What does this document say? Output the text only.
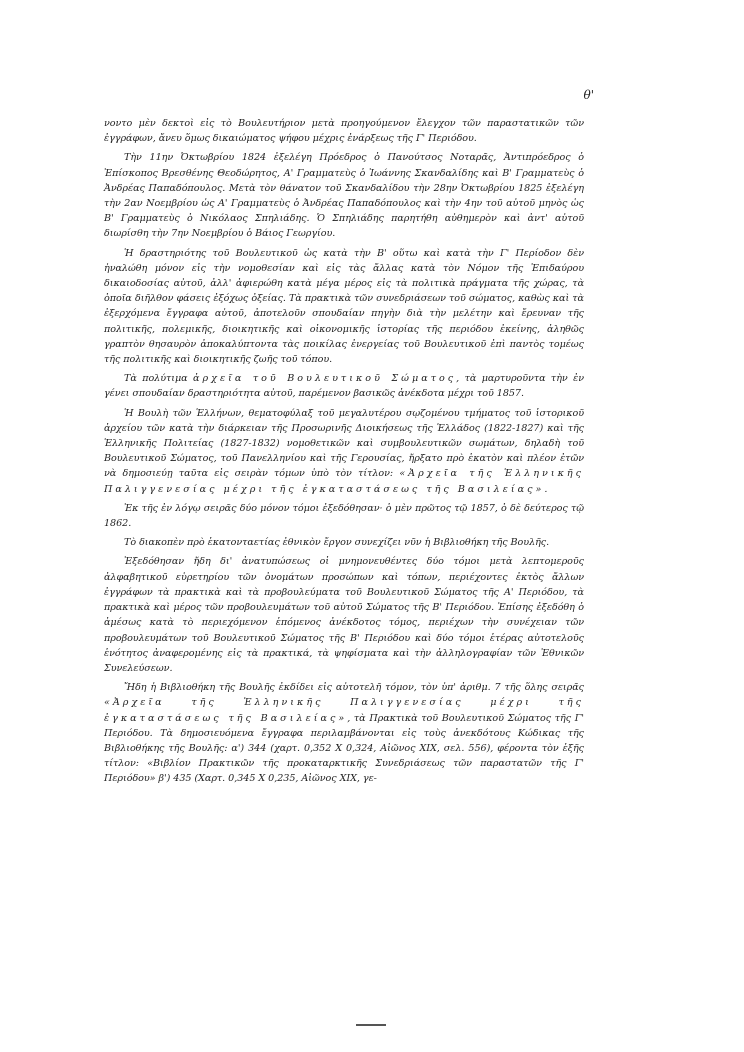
θ'

νοντο μὲν δεκτοὶ εἰς τὸ Βουλευτήριον μετὰ προηγούμενον ἔλεγχον τῶν παραστατικῶν τῶν ἐγγράφων, ἄνευ ὅμως δικαιώματος ψήφου μέχρις ἐνάρξεως τῆς Γ' Περιόδου.

Τὴν 11ην Ὀκτωβρίου 1824 ἐξελέγη Πρόεδρος ὁ Πανούτσος Νοταρᾶς, Ἀντιπρόεδρος ὁ Ἐπίσκοπος Βρεσθένης Θεοδώρητος, Α' Γραμματεὺς ὁ Ἰωάννης Σκανδαλίδης καὶ Β' Γραμματεὺς ὁ Ἀνδρέας Παπαδόπουλος. Μετὰ τὸν θάνατον τοῦ Σκανδαλίδου τὴν 28ην Ὀκτωβρίου 1825 ἐξελέγη τὴν 2αν Νοεμβρίου ὡς Α' Γραμματεὺς ὁ Ἀνδρέας Παπαδόπουλος καὶ τὴν 4ην τοῦ αὐτοῦ μηνὸς ὡς Β' Γραμματεὺς ὁ Νικόλαος Σπηλιάδης. Ὁ Σπηλιάδης παρητήθη αὐθημερὸν καὶ ἀντ' αὐτοῦ διωρίσθη τὴν 7ην Νοεμβρίου ὁ Βάιος Γεωργίου.

Ἡ δραστηριότης τοῦ Βουλευτικοῦ ὡς κατὰ τὴν Β' οὕτω καὶ κατὰ τὴν Γ' Περίοδον δὲν ἠναλώθη μόνον εἰς τὴν νομοθεσίαν καὶ εἰς τὰς ἄλλας κατὰ τὸν Νόμον τῆς Ἐπιδαύρου δικαιοδοσίας αὐτοῦ, ἀλλ' ἀφιερώθη κατὰ μέγα μέρος εἰς τὰ πολιτικὰ πράγματα τῆς χώρας, τὰ ὁποῖα διῆλθον φάσεις ἐξόχως ὀξείας. Τὰ πρακτικὰ τῶν συνεδριάσεων τοῦ σώματος, καθὼς καὶ τὰ ἐξερχόμενα ἔγγραφα αὐτοῦ, ἀποτελοῦν σπουδαίαν πηγὴν διὰ τὴν μελέτην καὶ ἔρευναν τῆς πολιτικῆς, πολεμικῆς, διοικητικῆς καὶ οἰκονομικῆς ἱστορίας τῆς περιόδου ἐκείνης, ἀληθῶς γραπτὸν θησαυρὸν ἀποκαλύπτοντα τὰς ποικίλας ἐνεργείας τοῦ Βουλευτικοῦ ἐπὶ παντὸς τομέως τῆς πολιτικῆς καὶ διοικητικῆς ζωῆς τοῦ τόπου.

Τὰ πολύτιμα ἀρχεῖα τοῦ Βουλευτικοῦ Σώματος, τὰ μαρτυροῦντα τὴν ἐν γένει σπουδαίαν δραστηριότητα αὐτοῦ, παρέμενον βασικῶς ἀνέκδοτα μέχρι τοῦ 1857.

Ἡ Βουλὴ τῶν Ἑλλήνων, θεματοφύλαξ τοῦ μεγαλυτέρου σῳζομένου τμήματος τοῦ ἱστορικοῦ ἀρχείου τῶν κατὰ τὴν διάρκειαν τῆς Προσωρινῆς Διοικήσεως τῆς Ἑλλάδος (1822-1827) καὶ τῆς Ἑλληνικῆς Πολιτείας (1827-1832) νομοθετικῶν καὶ συμβουλευτικῶν σωμάτων, δηλαδὴ τοῦ Βουλευτικοῦ Σώματος, τοῦ Πανελληνίου καὶ τῆς Γερουσίας, ἤρξατο πρὸ ἑκατὸν καὶ πλέον ἐτῶν νὰ δημοσιεύῃ ταῦτα εἰς σειρὰν τόμων ὑπὸ τὸν τίτλον: «Ἀρχεῖα τῆς Ἑλληνικῆς Παλιγγενεσίας μέχρι τῆς ἐγκαταστάσεως τῆς Βασιλείας».

Ἐκ τῆς ἐν λόγῳ σειρᾶς δύο μόνον τόμοι ἐξεδόθησαν· ὁ μὲν πρῶτος τῷ 1857, ὁ δὲ δεύτερος τῷ 1862.

Τὸ διακοπὲν πρὸ ἑκατονταετίας ἐθνικὸν ἔργον συνεχίζει νῦν ἡ Βιβλιοθήκη τῆς Βουλῆς.

Ἐξεδόθησαν ἤδη δι' ἀνατυπώσεως οἱ μνημονευθέντες δύο τόμοι μετὰ λεπτομεροῦς ἀλφαβητικοῦ εὑρετηρίου τῶν ὀνομάτων προσώπων καὶ τόπων, περιέχοντες ἐκτὸς ἄλλων ἐγγράφων τὰ πρακτικὰ καὶ τὰ προβουλεύματα τοῦ Βουλευτικοῦ Σώματος τῆς Α' Περιόδου, τὰ πρακτικὰ καὶ μέρος τῶν προβουλευμάτων τοῦ αὐτοῦ Σώματος τῆς Β' Περιόδου. Ἐπίσης ἐξεδόθη ὁ ἀμέσως κατὰ τὸ περιεχόμενον ἑπόμενος ἀνέκδοτος τόμος, περιέχων τὴν συνέχειαν τῶν προβουλευμάτων τοῦ Βουλευτικοῦ Σώματος τῆς Β' Περιόδου καὶ δύο τόμοι ἑτέρας αὐτοτελοῦς ἑνότητος ἀναφερομένης εἰς τὰ πρακτικά, τὰ ψηφίσματα καὶ τὴν ἀλληλογραφίαν τῶν Ἐθνικῶν Συνελεύσεων.

Ἤδη ἡ Βιβλιοθήκη τῆς Βουλῆς ἐκδίδει εἰς αὐτοτελῆ τόμον, τὸν ὑπ' ἀριθμ. 7 τῆς ὅλης σειρᾶς «Ἀρχεῖα τῆς Ἑλληνικῆς Παλιγγενεσίας μέχρι τῆς ἐγκαταστάσεως τῆς Βασιλείας», τὰ Πρακτικὰ τοῦ Βουλευτικοῦ Σώματος τῆς Γ' Περιόδου. Τὰ δημοσιευόμενα ἔγγραφα περιλαμβάνονται εἰς τοὺς ἀνεκδότους Κώδικας τῆς Βιβλιοθήκης τῆς Βουλῆς: α') 344 (χαρτ. 0,352 X 0,324, Αἰῶνος XIX, σελ. 556), φέροντα τὸν ἑξῆς τίτλον: «Βιβλίον Πρακτικῶν τῆς προκαταρκτικῆς Συνεδριάσεως τῶν παραστατῶν τῆς Γ' Περιόδου» β') 435 (Χαρτ. 0,345 X 0,235, Αἰῶνος XIX, γε-
